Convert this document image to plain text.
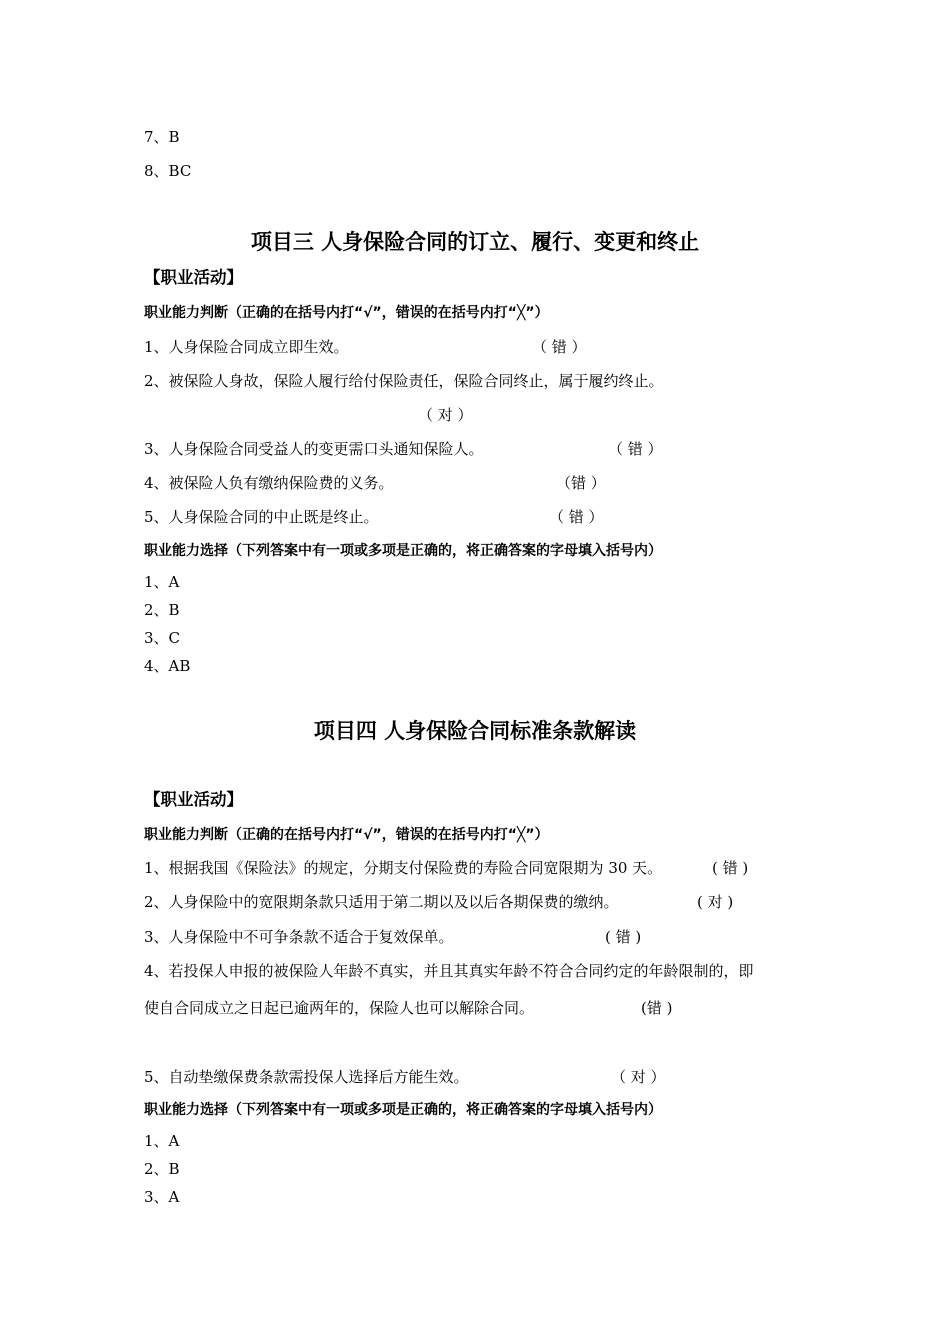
7、B
8、BC
项目三 人身保险合同的订立、履行、变更和终止
【职业活动】
职业能力判断（正确的在括号内打“√”，错误的在括号内打“╳”）
1、人身保险合同成立即生效。	（ 错 ）
2、被保险人身故，保险人履行给付保险责任，保险合同终止，属于履约终止。
（ 对 ）
3、人身保险合同受益人的变更需口头通知保险人。	（ 错 ）
4、被保险人负有缴纳保险费的义务。	（错 ）
5、人身保险合同的中止既是终止。	（ 错 ）
职业能力选择（下列答案中有一项或多项是正确的，将正确答案的字母填入括号内）
1、A
2、B
3、C
4、AB
项目四 人身保险合同标准条款解读
【职业活动】
职业能力判断（正确的在括号内打“√”，错误的在括号内打“╳”）
1、根据我国《保险法》的规定，分期支付保险费的寿险合同宽限期为 30 天。	( 错 )
2、人身保险中的宽限期条款只适用于第二期以及以后各期保费的缴纳。	( 对 )
3、人身保险中不可争条款不适合于复效保单。	( 错 )
4、若投保人申报的被保险人年龄不真实，并且其真实年龄不符合合同约定的年龄限制的，即
使自合同成立之日起已逾两年的，保险人也可以解除合同。	(错 )
5、自动垫缴保费条款需投保人选择后方能生效。	（ 对 ）
职业能力选择（下列答案中有一项或多项是正确的，将正确答案的字母填入括号内）
1、A
2、B
3、A
